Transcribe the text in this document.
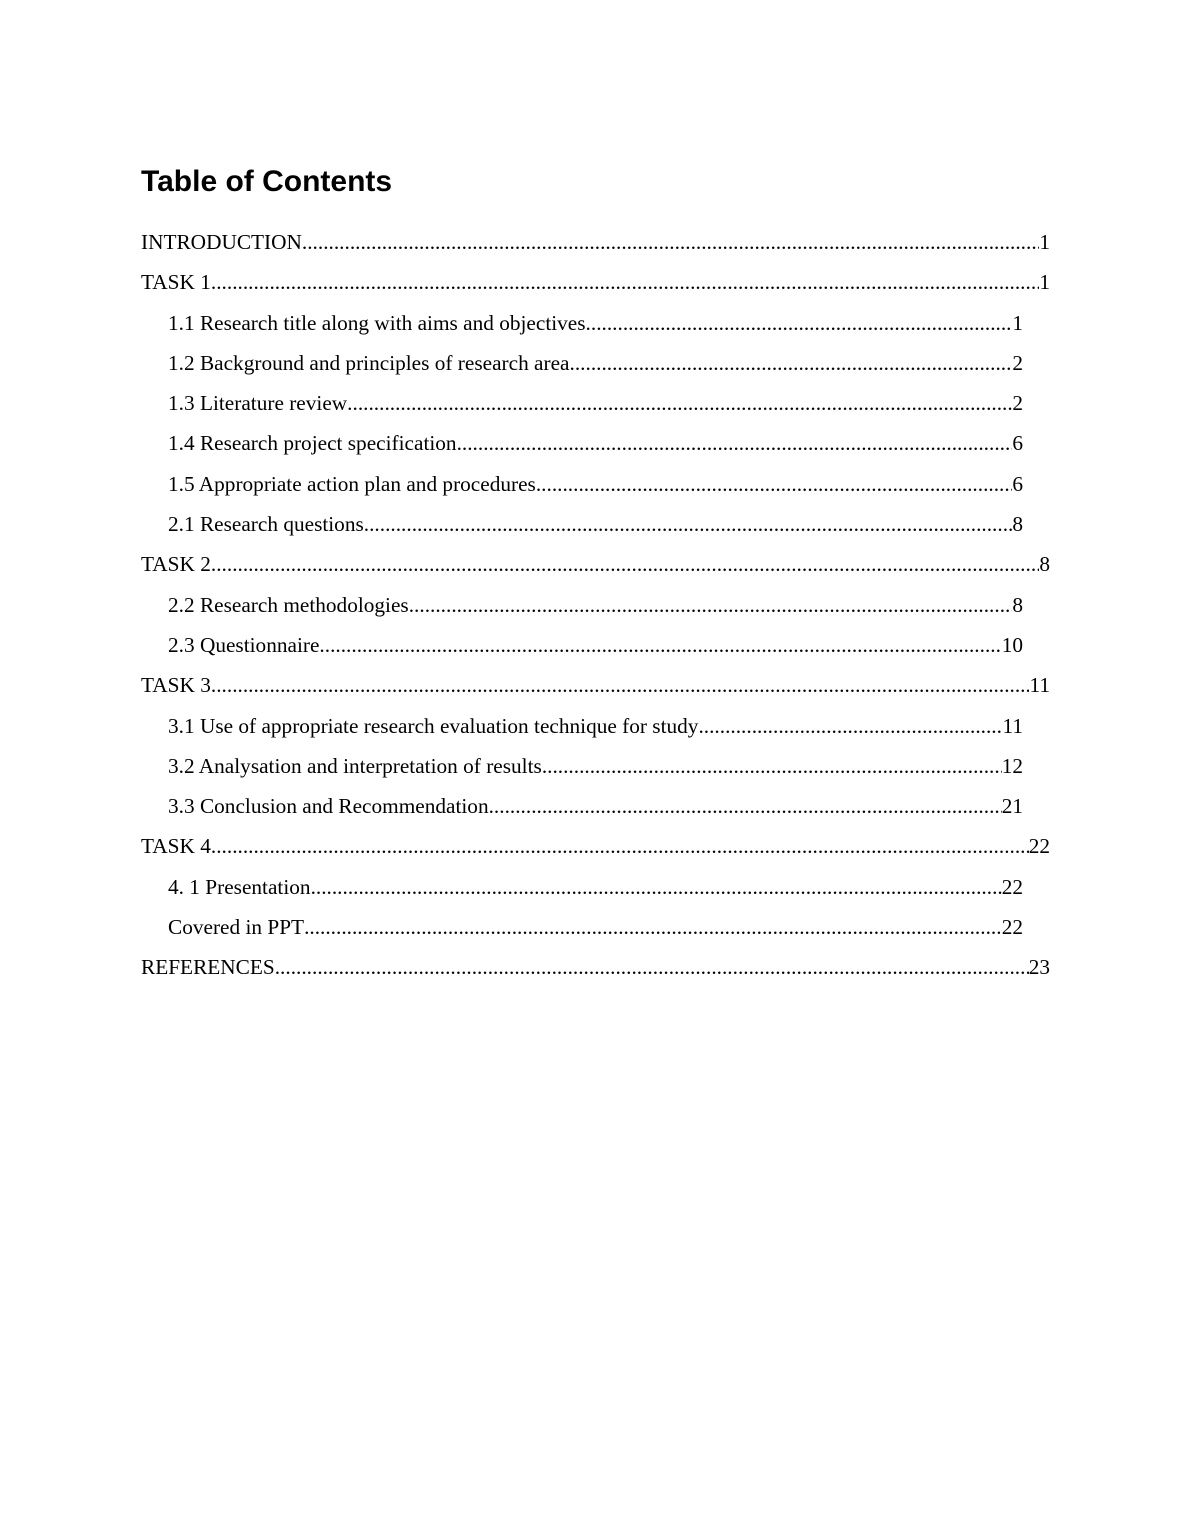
Table of Contents
INTRODUCTION .....	1
TASK 1 .....	1
1.1 Research title along with aims and objectives .....	1
1.2 Background and principles of research area .....	2
1.3 Literature review .....	2
1.4 Research project specification .....	6
1.5 Appropriate action plan and procedures .....	6
2.1 Research questions .....	8
TASK 2 .....	8
2.2 Research methodologies .....	8
2.3 Questionnaire .....	10
TASK 3 .....	11
3.1 Use of appropriate research evaluation technique for study .....	11
3.2 Analysation and interpretation of results .....	12
3.3 Conclusion and Recommendation .....	21
TASK 4 .....	22
4. 1 Presentation .....	22
Covered in PPT .....	22
REFERENCES .....	23
